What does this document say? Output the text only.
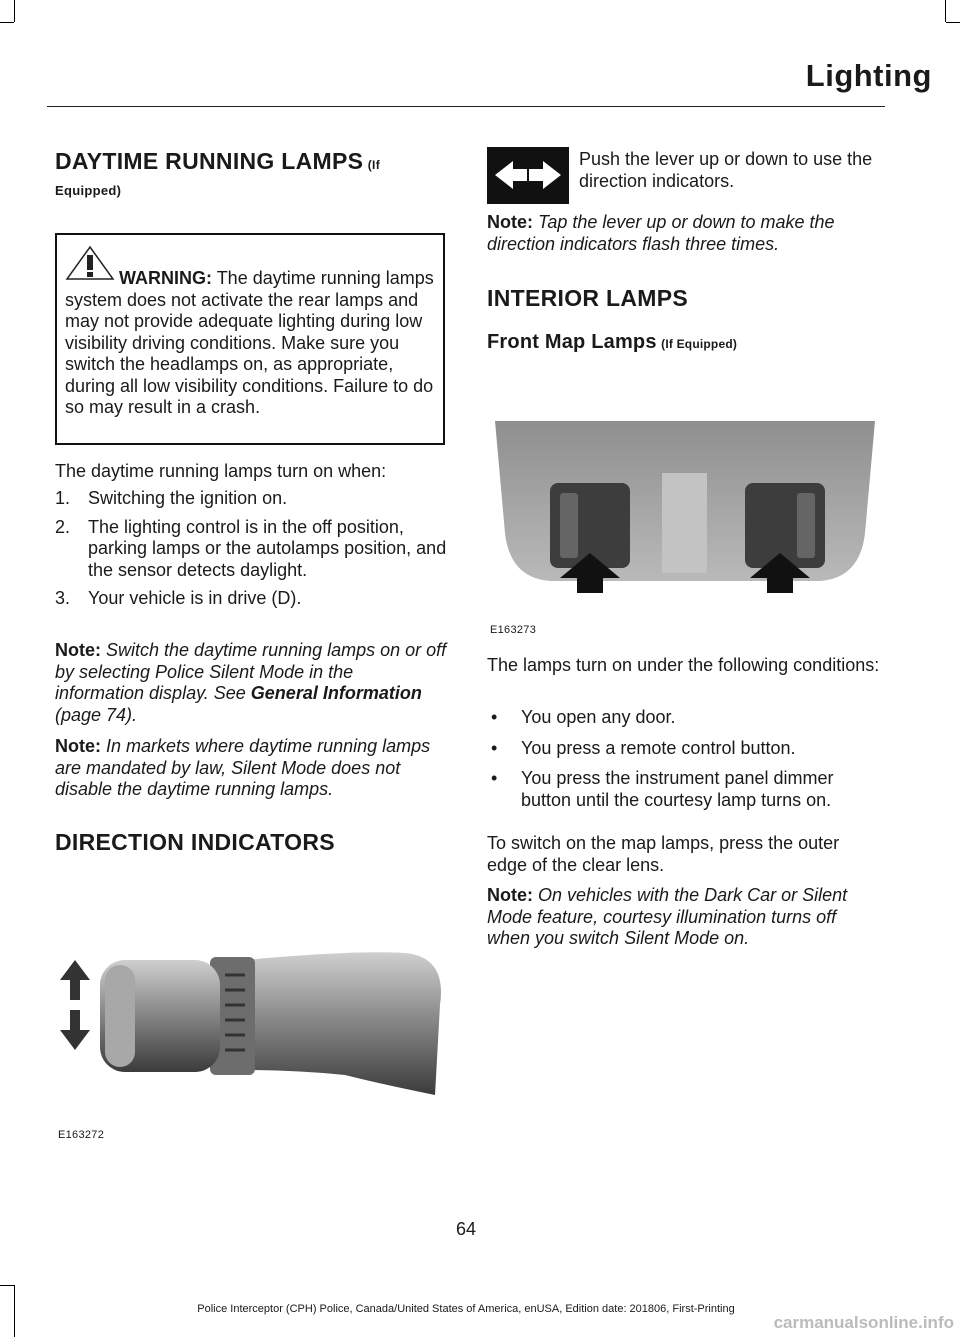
Lighting
DAYTIME RUNNING LAMPS (If
Equipped)

WARNING: The daytime running lamps system does not activate the rear lamps and may not provide adequate lighting during low visibility driving conditions. Make sure you switch the headlamps on, as appropriate, during all low visibility conditions. Failure to do so may result in a crash.

The daytime running lamps turn on when:

1. Switching the ignition on.
2. The lighting control is in the off position, parking lamps or the autolamps position, and the sensor detects daylight.
3. Your vehicle is in drive (D).

Note: Switch the daytime running lamps on or off by selecting Police Silent Mode in the information display. See General Information (page 74).

Note: In markets where daytime running lamps are mandated by law, Silent Mode does not disable the daytime running lamps.

DIRECTION INDICATORS
E163272

Push the lever up or down to use the direction indicators.

Note: Tap the lever up or down to make the direction indicators flash three times.

INTERIOR LAMPS
Front Map Lamps (If Equipped)
E163273

The lamps turn on under the following conditions:

• You open any door.
• You press a remote control button.
• You press the instrument panel dimmer button until the courtesy lamp turns on.

To switch on the map lamps, press the outer edge of the clear lens.

Note: On vehicles with the Dark Car or Silent Mode feature, courtesy illumination turns off when you switch Silent Mode on.

64
Police Interceptor (CPH) Police, Canada/United States of America, enUSA, Edition date: 201806, First-Printing
carmanualsonline.info
